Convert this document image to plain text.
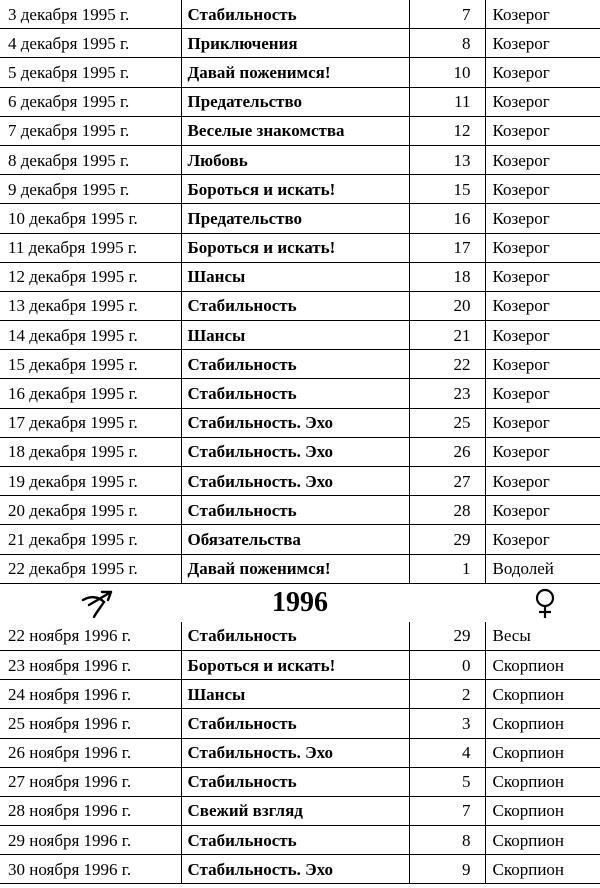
3 декабря 1995 г.	Стабильность	7	Козерог
4 декабря 1995 г.	Приключения	8	Козерог
5 декабря 1995 г.	Давай поженимся!	10	Козерог
6 декабря 1995 г.	Предательство	11	Козерог
7 декабря 1995 г.	Веселые знакомства	12	Козерог
8 декабря 1995 г.	Любовь	13	Козерог
9 декабря 1995 г.	Бороться и искать!	15	Козерог
10 декабря 1995 г.	Предательство	16	Козерог
11 декабря 1995 г.	Бороться и искать!	17	Козерог
12 декабря 1995 г.	Шансы	18	Козерог
13 декабря 1995 г.	Стабильность	20	Козерог
14 декабря 1995 г.	Шансы	21	Козерог
15 декабря 1995 г.	Стабильность	22	Козерог
16 декабря 1995 г.	Стабильность	23	Козерог
17 декабря 1995 г.	Стабильность. Эхо	25	Козерог
18 декабря 1995 г.	Стабильность. Эхо	26	Козерог
19 декабря 1995 г.	Стабильность. Эхо	27	Козерог
20 декабря 1995 г.	Стабильность	28	Козерог
21 декабря 1995 г.	Обязательства	29	Козерог
22 декабря 1995 г.	Давай поженимся!	1	Водолей
1996
22 ноября 1996 г.	Стабильность	29	Весы
23 ноября 1996 г.	Бороться и искать!	0	Скорпион
24 ноября 1996 г.	Шансы	2	Скорпион
25 ноября 1996 г.	Стабильность	3	Скорпион
26 ноября 1996 г.	Стабильность. Эхо	4	Скорпион
27 ноября 1996 г.	Стабильность	5	Скорпион
28 ноября 1996 г.	Свежий взгляд	7	Скорпион
29 ноября 1996 г.	Стабильность	8	Скорпион
30 ноября 1996 г.	Стабильность. Эхо	9	Скорпион
